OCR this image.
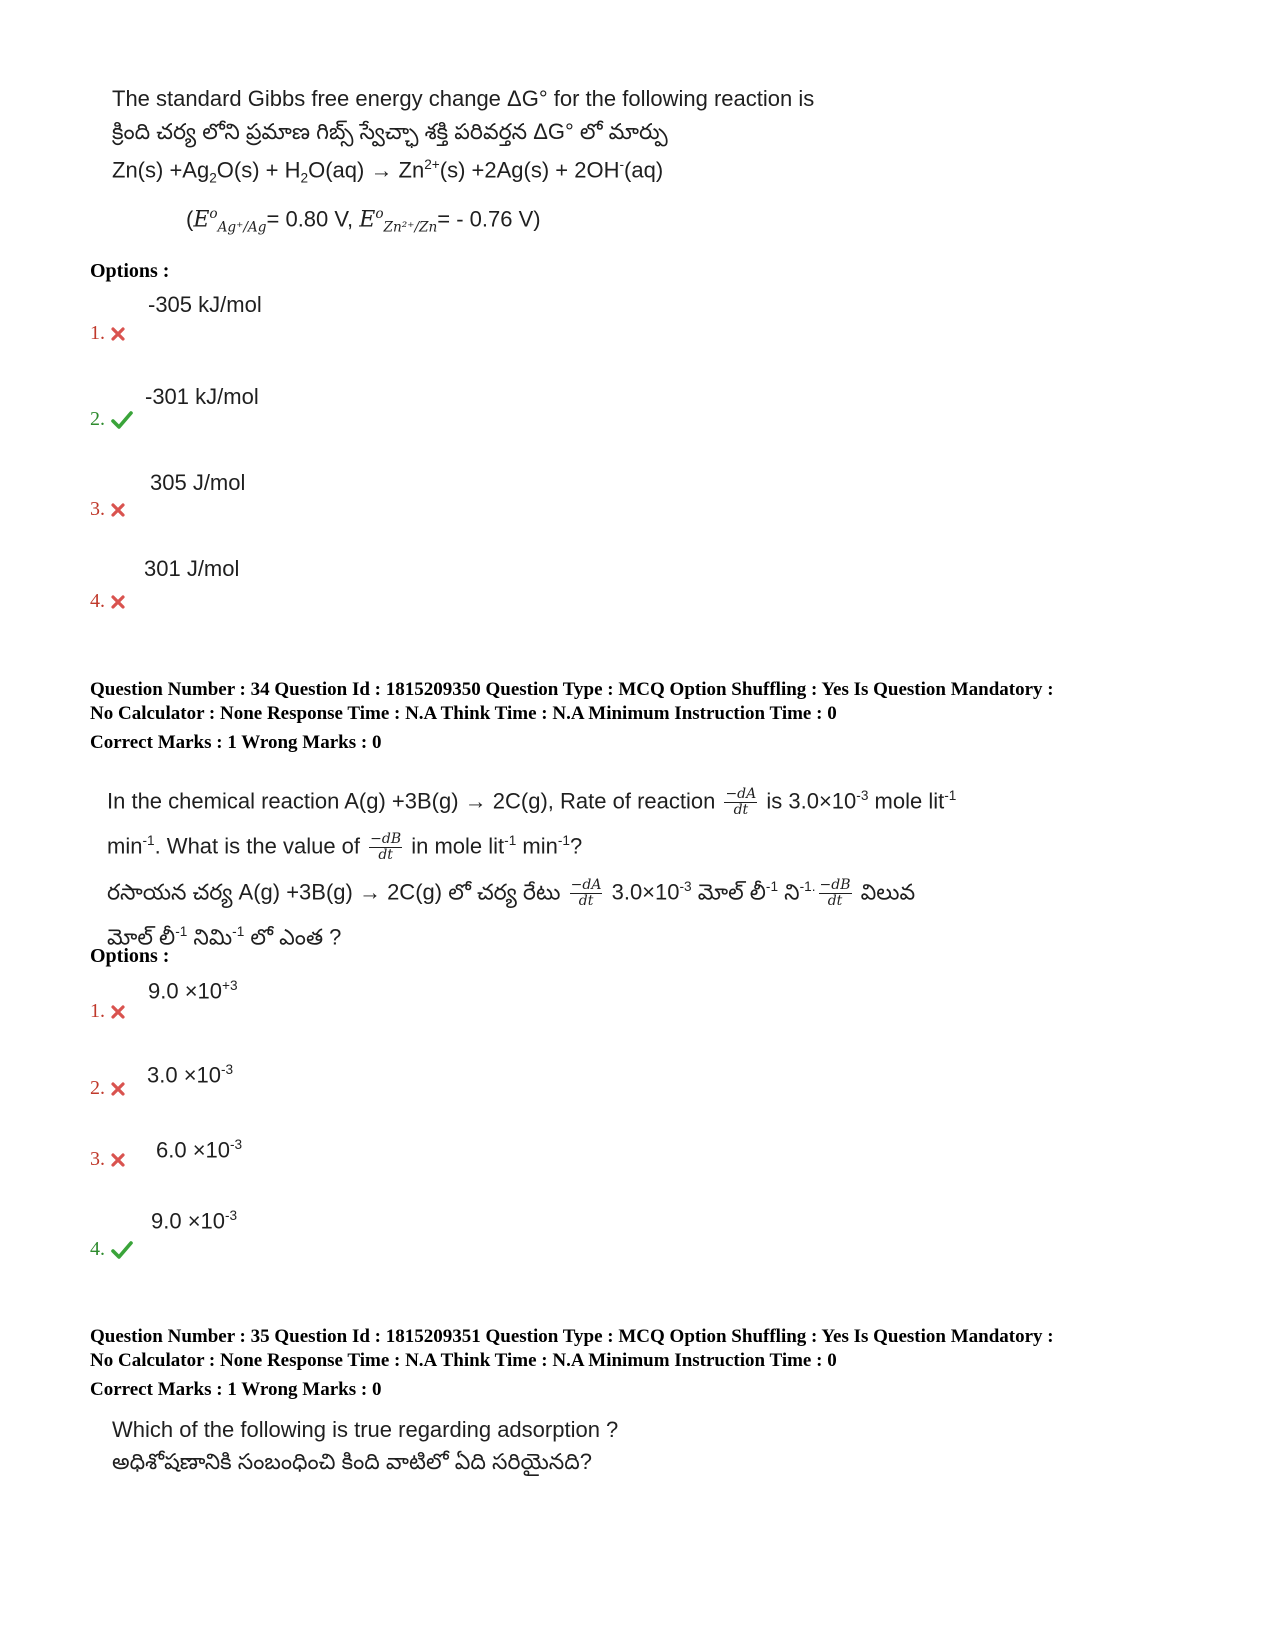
The standard Gibbs free energy change ΔG° for the following reaction is
క్రింది చర్య లోని ప్రమాణ గిబ్స్ స్వేచ్ఛా శక్తి పరివర్తన ΔG° లో మార్పు
$Zn(s) +Ag_2O(s) + H_2O(aq) \to Zn^{2+}(s) +2Ag(s) + 2OH^-(aq)$
($E^o_{Ag^+/Ag}= 0.80$ V, $E^o_{Zn^{2+}/Zn}= - 0.76$ V)
Options :
-305 kJ/mol
1.
-301 kJ/mol
2.
305 J/mol
3.
301 J/mol
4.
Question Number : 34 Question Id : 1815209350 Question Type : MCQ Option Shuffling : Yes Is Question Mandatory :
No Calculator : None Response Time : N.A Think Time : N.A Minimum Instruction Time : 0
Correct Marks : 1 Wrong Marks : 0
In the chemical reaction A(g) +3B(g) → 2C(g), Rate of reaction $\frac{-dA}{dt}$ is $3.0\times 10^{-3}$ mole lit$^{-1}$
$\min^{-1}$. What is the value of $\frac{-dB}{dt}$ in mole lit$^{-1}$ $\min^{-1}$?
రసాయన చర్య A(g) +3B(g) → 2C(g) లో చర్య రేటు $\frac{-dA}{dt} 3.0\times 10^{-3}$ మోల్ లీ$^{-1}$ ని$^{-1.}$ $\frac{-dB}{dt}$ విలువ
మోల్ లీ$^{-1}$ నిమి$^{-1}$ లో ఎంత ?
Options :
$9.0 \times 10^{+3}$
1.
$3.0 \times 10^{-3}$
2.
$6.0 \times 10^{-3}$
3.
$9.0 \times 10^{-3}$
4.
Question Number : 35 Question Id : 1815209351 Question Type : MCQ Option Shuffling : Yes Is Question Mandatory :
No Calculator : None Response Time : N.A Think Time : N.A Minimum Instruction Time : 0
Correct Marks : 1 Wrong Marks : 0
Which of the following is true regarding adsorption ?
అధిశోషణానికి సంబంధించి కింది వాటిలో ఏది సరియైనది?
